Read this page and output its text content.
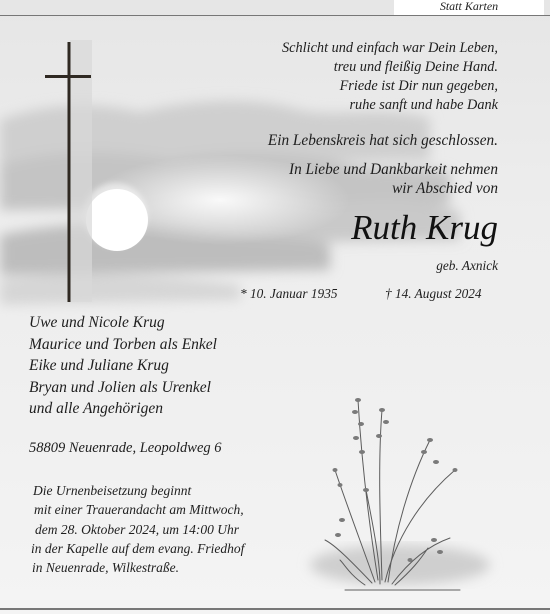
Statt Karten
Schlicht und einfach war Dein Leben,
treu und fleißig Deine Hand.
Friede ist Dir nun gegeben,
ruhe sanft und habe Dank
Ein Lebenskreis hat sich geschlossen.
In Liebe und Dankbarkeit nehmen
wir Abschied von
Ruth Krug
geb. Axnick
* 10. Januar 1935	† 14. August 2024
Uwe und Nicole Krug
Maurice und Torben als Enkel
Eike und Juliane Krug
Bryan und Jolien als Urenkel
und alle Angehörigen
58809 Neuenrade, Leopoldweg 6
Die Urnenbeisetzung beginnt
mit einer Trauerandacht am Mittwoch,
dem 28. Oktober 2024, um 14:00 Uhr
in der Kapelle auf dem evang. Friedhof
in Neuenrade, Wilkestraße.
